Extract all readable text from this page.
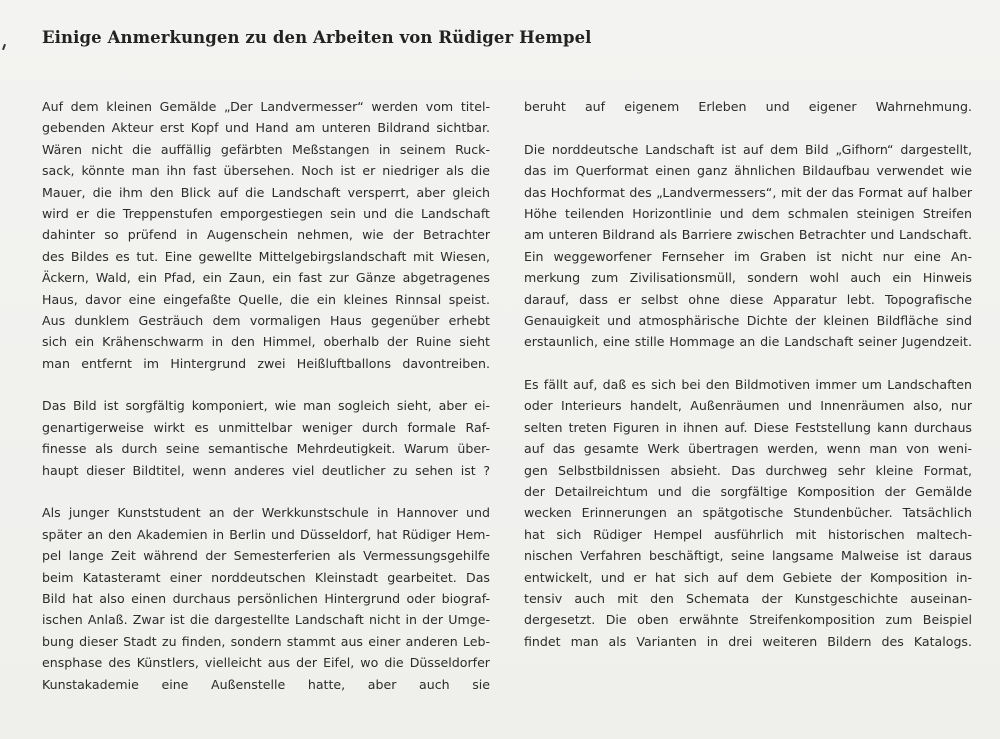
Einige Anmerkungen zu den Arbeiten von Rüdiger Hempel
Auf dem kleinen Gemälde „Der Landvermesser“ werden vom titel-
gebenden Akteur erst Kopf und Hand am unteren Bildrand sichtbar.
Wären nicht die auffällig gefärbten Meßstangen in seinem Ruck-
sack, könnte man ihn fast übersehen. Noch ist er niedriger als die
Mauer, die ihm den Blick auf die Landschaft versperrt, aber gleich
wird er die Treppenstufen emporgestiegen sein und die Landschaft
dahinter so prüfend in Augenschein nehmen, wie der Betrachter
des Bildes es tut. Eine gewellte Mittelgebirgslandschaft mit Wiesen,
Äckern, Wald, ein Pfad, ein Zaun, ein fast zur Gänze abgetragenes
Haus, davor eine eingefaßte Quelle, die ein kleines Rinnsal speist.
Aus dunklem Gesträuch dem vormaligen Haus gegenüber erhebt
sich ein Krähenschwarm in den Himmel, oberhalb der Ruine sieht
man entfernt im Hintergrund zwei Heißluftballons davontreiben.
Das Bild ist sorgfältig komponiert, wie man sogleich sieht, aber ei-
genartigerweise wirkt es unmittelbar weniger durch formale Raf-
finesse als durch seine semantische Mehrdeutigkeit. Warum über-
haupt dieser Bildtitel, wenn anderes viel deutlicher zu sehen ist ?
Als junger Kunststudent an der Werkkunstschule in Hannover und
später an den Akademien in Berlin und Düsseldorf, hat Rüdiger Hem-
pel lange Zeit während der Semesterferien als Vermessungsgehilfe
beim Katasteramt einer norddeutschen Kleinstadt gearbeitet. Das
Bild hat also einen durchaus persönlichen Hintergrund oder biograf-
ischen Anlaß. Zwar ist die dargestellte Landschaft nicht in der Umge-
bung dieser Stadt zu finden, sondern stammt aus einer anderen Leb-
ensphase des Künstlers, vielleicht aus der Eifel, wo die Düsseldorfer
Kunstakademie eine Außenstelle hatte, aber auch sie
beruht auf eigenem Erleben und eigener Wahrnehmung.
Die norddeutsche Landschaft ist auf dem Bild „Gifhorn“ dargestellt,
das im Querformat einen ganz ähnlichen Bildaufbau verwendet wie
das Hochformat des „Landvermessers“, mit der das Format auf halber
Höhe teilenden Horizontlinie und dem schmalen steinigen Streifen
am unteren Bildrand als Barriere zwischen Betrachter und Landschaft.
Ein weggeworfener Fernseher im Graben ist nicht nur eine An-
merkung zum Zivilisationsmüll, sondern wohl auch ein Hinweis
darauf, dass er selbst ohne diese Apparatur lebt. Topografische
Genauigkeit und atmosphärische Dichte der kleinen Bildfläche sind
erstaunlich, eine stille Hommage an die Landschaft seiner Jugendzeit.
Es fällt auf, daß es sich bei den Bildmotiven immer um Landschaften
oder Interieurs handelt, Außenräumen und Innenräumen also, nur
selten treten Figuren in ihnen auf. Diese Feststellung kann durchaus
auf das gesamte Werk übertragen werden, wenn man von weni-
gen Selbstbildnissen absieht. Das durchweg sehr kleine Format,
der Detailreichtum und die sorgfältige Komposition der Gemälde
wecken Erinnerungen an spätgotische Stundenbücher. Tatsächlich
hat sich Rüdiger Hempel ausführlich mit historischen maltech-
nischen Verfahren beschäftigt, seine langsame Malweise ist daraus
entwickelt, und er hat sich auf dem Gebiete der Komposition in-
tensiv auch mit den Schemata der Kunstgeschichte auseinan-
dergesetzt. Die oben erwähnte Streifenkomposition zum Beispiel
findet man als Varianten in drei weiteren Bildern des Katalogs.
